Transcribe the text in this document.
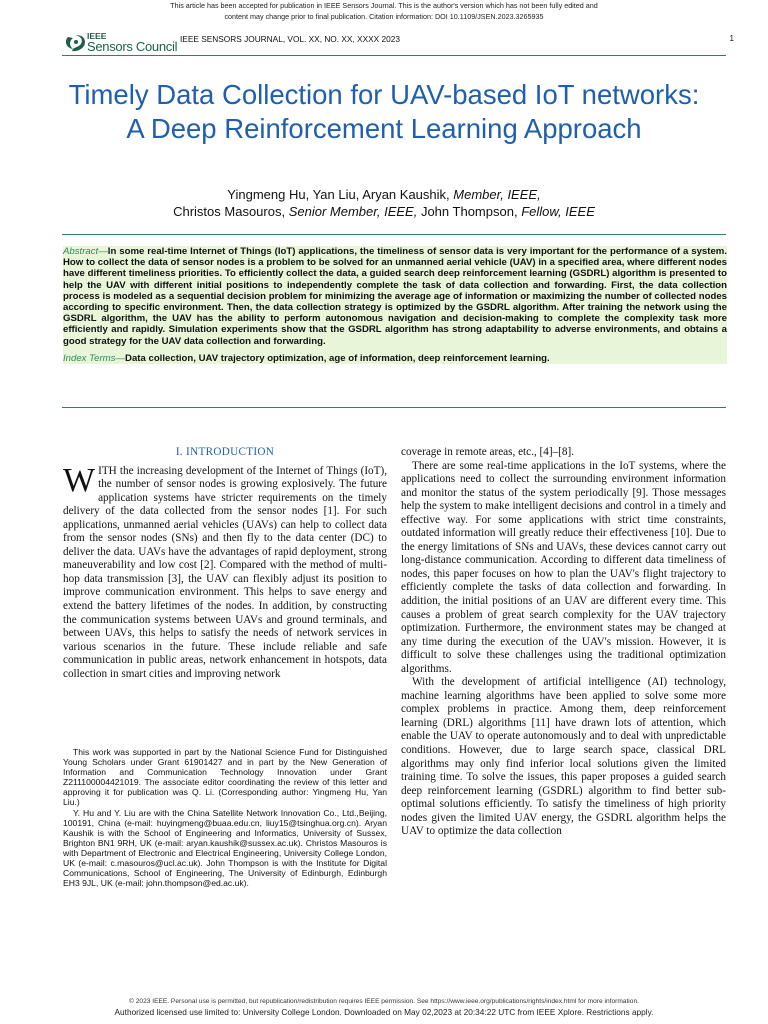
This article has been accepted for publication in IEEE Sensors Journal. This is the author's version which has not been fully edited and
content may change prior to final publication. Citation information: DOI 10.1109/JSEN.2023.3265935
IEEE
Sensors Council IEEE SENSORS JOURNAL, VOL. XX, NO. XX, XXXX 2023	1
Timely Data Collection for UAV-based IoT networks: A Deep Reinforcement Learning Approach
Yingmeng Hu, Yan Liu, Aryan Kaushik, Member, IEEE,
Christos Masouros, Senior Member, IEEE, John Thompson, Fellow, IEEE

Abstract—In some real-time Internet of Things (IoT) applications, the timeliness of sensor data is very important for the performance of a system. How to collect the data of sensor nodes is a problem to be solved for an unmanned aerial vehicle (UAV) in a specified area, where different nodes have different timeliness priorities. To efficiently collect the data, a guided search deep reinforcement learning (GSDRL) algorithm is presented to help the UAV with different initial positions to independently complete the task of data collection and forwarding. First, the data collection process is modeled as a sequential decision problem for minimizing the average age of information or maximizing the number of collected nodes according to specific environment. Then, the data collection strategy is optimized by the GSDRL algorithm. After training the network using the GSDRL algorithm, the UAV has the ability to perform autonomous navigation and decision-making to complete the complexity task more efficiently and rapidly. Simulation experiments show that the GSDRL algorithm has strong adaptability to adverse environments, and obtains a good strategy for the UAV data collection and forwarding.

Index Terms—Data collection, UAV trajectory optimization, age of information, deep reinforcement learning.

I. INTRODUCTION

WITH the increasing development of the Internet of Things (IoT), the number of sensor nodes is growing explosively. The future application systems have stricter requirements on the timely delivery of the data collected from the sensor nodes [1]. For such applications, unmanned aerial vehicles (UAVs) can help to collect data from the sensor nodes (SNs) and then fly to the data center (DC) to deliver the data. UAVs have the advantages of rapid deployment, strong maneuverability and low cost [2]. Compared with the method of multi-hop data transmission [3], the UAV can flexibly adjust its position to improve communication environment. This helps to save energy and extend the battery lifetimes of the nodes. In addition, by constructing the communication systems between UAVs and ground terminals, and between UAVs, this helps to satisfy the needs of network services in various scenarios in the future. These include reliable and safe communication in public areas, network enhancement in hotspots, data collection in smart cities and improving network

This work was supported in part by the National Science Fund for Distinguished Young Scholars under Grant 61901427 and in part by the New Generation of Information and Communication Technology Innovation under Grant Z211100004421019. The associate editor coordinating the review of this letter and approving it for publication was Q. Li. (Corresponding author: Yingmeng Hu, Yan Liu.)

Y. Hu and Y. Liu are with the China Satellite Network Innovation Co., Ltd.,Beijing, 100191, China (e-mail: huyingmeng@buaa.edu.cn, liuy15@tsinghua.org.cn). Aryan Kaushik is with the School of Engineering and Informatics, University of Sussex, Brighton BN1 9RH, UK (e-mail: aryan.kaushik@sussex.ac.uk). Christos Masouros is with Department of Electronic and Electrical Engineering, University College London, UK (e-mail: c.masouros@ucl.ac.uk). John Thompson is with the Institute for Digital Communications, School of Engineering, The University of Edinburgh, Edinburgh EH3 9JL, UK (e-mail: john.thompson@ed.ac.uk).

coverage in remote areas, etc., [4]–[8].

There are some real-time applications in the IoT systems, where the applications need to collect the surrounding environment information and monitor the status of the system periodically [9]. Those messages help the system to make intelligent decisions and control in a timely and effective way. For some applications with strict time constraints, outdated information will greatly reduce their effectiveness [10]. Due to the energy limitations of SNs and UAVs, these devices cannot carry out long-distance communication. According to different data timeliness of nodes, this paper focuses on how to plan the UAV's flight trajectory to efficiently complete the tasks of data collection and forwarding. In addition, the initial positions of an UAV are different every time. This causes a problem of great search complexity for the UAV trajectory optimization. Furthermore, the environment states may be changed at any time during the execution of the UAV's mission. However, it is difficult to solve these challenges using the traditional optimization algorithms.

With the development of artificial intelligence (AI) technology, machine learning algorithms have been applied to solve some more complex problems in practice. Among them, deep reinforcement learning (DRL) algorithms [11] have drawn lots of attention, which enable the UAV to operate autonomously and to deal with unpredictable conditions. However, due to large search space, classical DRL algorithms may only find inferior local solutions given the limited training time. To solve the issues, this paper proposes a guided search deep reinforcement learning (GSDRL) algorithm to find better sub-optimal solutions efficiently. To satisfy the timeliness of high priority nodes given the limited UAV energy, the GSDRL algorithm helps the UAV to optimize the data collection

© 2023 IEEE. Personal use is permitted, but republication/redistribution requires IEEE permission. See https://www.ieee.org/publications/rights/index.html for more information.
Authorized licensed use limited to: University College London. Downloaded on May 02,2023 at 20:34:22 UTC from IEEE Xplore. Restrictions apply.
